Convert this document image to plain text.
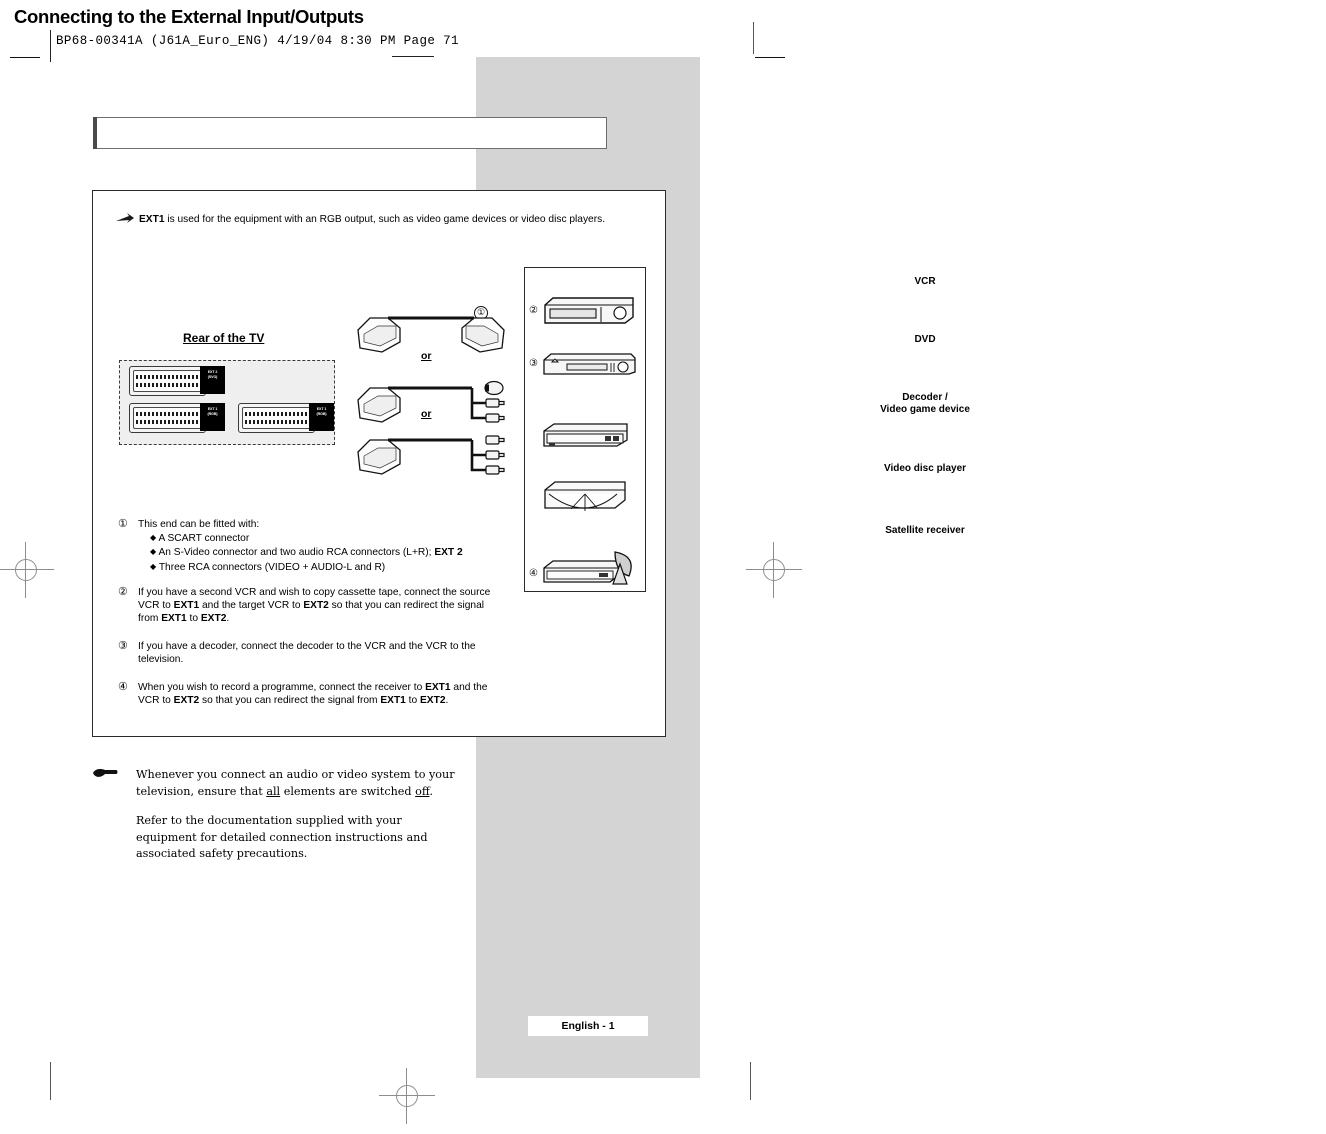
BP68-00341A (J61A_Euro_ENG) 4/19/04 8:30 PM Page 71
Connecting to the External Input/Outputs
EXT1 is used for the equipment with an RGB output, such as video game devices or video disc players.
Rear of the TV
EXT 2
(SVO)
EXT 1
(RGB)
EXT 1
(RGB)
①
or
or
VCR
②
DVD
③
Decoder /
Video game device
Video disc player
Satellite receiver
④
① This end can be fitted with:
◆ A SCART connector
◆ An S-Video connector and two audio RCA connectors (L+R); EXT 2
◆ Three RCA connectors (VIDEO + AUDIO-L and R)
② If you have a second VCR and wish to copy cassette tape, connect the source VCR to EXT1 and the target VCR to EXT2 so that you can redirect the signal from EXT1 to EXT2.
③ If you have a decoder, connect the decoder to the VCR and the VCR to the television.
④ When you wish to record a programme, connect the receiver to EXT1 and the VCR to EXT2 so that you can redirect the signal from EXT1 to EXT2.

Whenever you connect an audio or video system to your television, ensure that all elements are switched off.

Refer to the documentation supplied with your equipment for detailed connection instructions and associated safety precautions.

English - 1
